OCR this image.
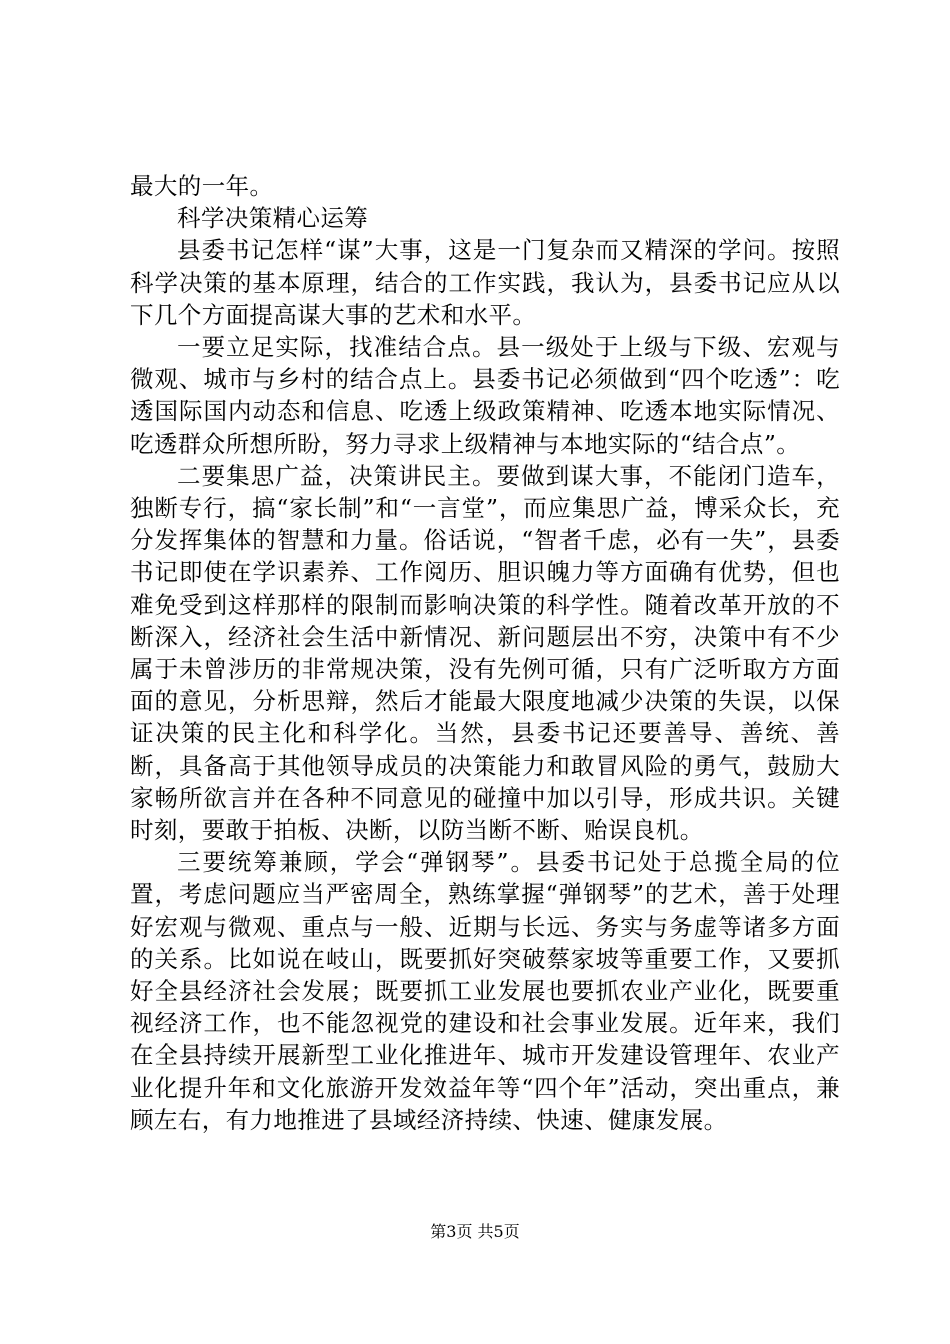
最大的一年。

科学决策精心运筹

县委书记怎样“谋”大事，这是一门复杂而又精深的学问。按照科学决策的基本原理，结合的工作实践，我认为，县委书记应从以下几个方面提高谋大事的艺术和水平。

一要立足实际，找准结合点。县一级处于上级与下级、宏观与微观、城市与乡村的结合点上。县委书记必须做到“四个吃透”：吃透国际国内动态和信息、吃透上级政策精神、吃透本地实际情况、吃透群众所想所盼，努力寻求上级精神与本地实际的“结合点”。

二要集思广益，决策讲民主。要做到谋大事，不能闭门造车，独断专行，搞“家长制”和“一言堂”，而应集思广益，博采众长，充分发挥集体的智慧和力量。俗话说，“智者千虑，必有一失”，县委书记即使在学识素养、工作阅历、胆识魄力等方面确有优势，但也难免受到这样那样的限制而影响决策的科学性。随着改革开放的不断深入，经济社会生活中新情况、新问题层出不穷，决策中有不少属于未曾涉历的非常规决策，没有先例可循，只有广泛听取方方面面的意见，分析思辩，然后才能最大限度地减少决策的失误，以保证决策的民主化和科学化。当然，县委书记还要善导、善统、善断，具备高于其他领导成员的决策能力和敢冒风险的勇气，鼓励大家畅所欲言并在各种不同意见的碰撞中加以引导，形成共识。关键时刻，要敢于拍板、决断，以防当断不断、贻误良机。

三要统筹兼顾，学会“弹钢琴”。县委书记处于总揽全局的位置，考虑问题应当严密周全，熟练掌握“弹钢琴”的艺术，善于处理好宏观与微观、重点与一般、近期与长远、务实与务虚等诸多方面的关系。比如说在岐山，既要抓好突破蔡家坡等重要工作，又要抓好全县经济社会发展；既要抓工业发展也要抓农业产业化，既要重视经济工作，也不能忽视党的建设和社会事业发展。近年来，我们在全县持续开展新型工业化推进年、城市开发建设管理年、农业产业化提升年和文化旅游开发效益年等“四个年”活动，突出重点，兼顾左右，有力地推进了县域经济持续、快速、健康发展。

第3页 共5页
